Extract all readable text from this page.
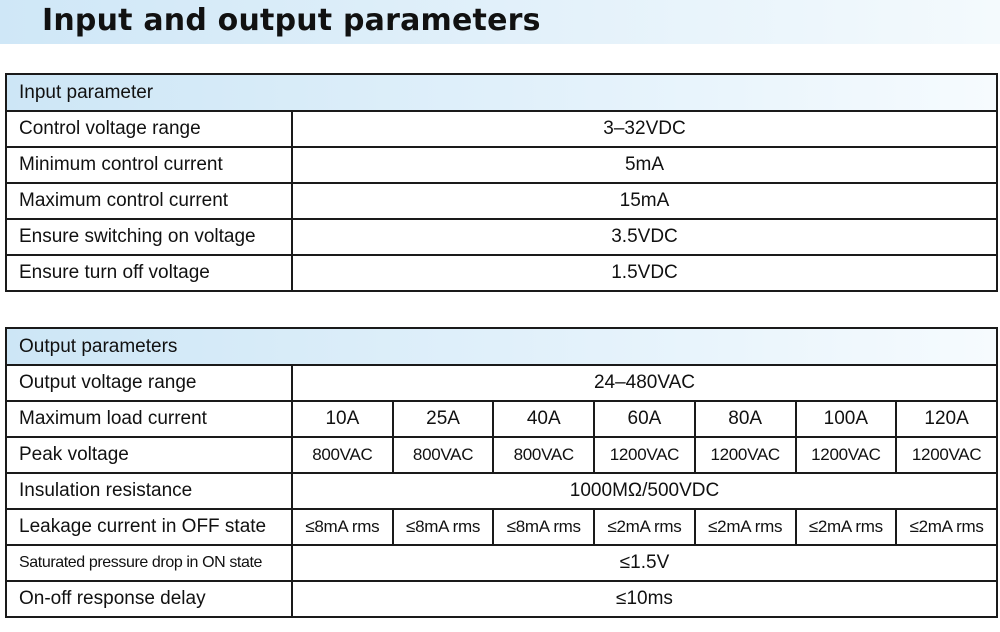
Input and output parameters
Input parameter	
Control voltage range	3–32VDC
Minimum control current	5mA
Maximum control current	15mA
Ensure switching on voltage	3.5VDC
Ensure turn off voltage	1.5VDC
Output parameters							
Output voltage range	24–480VAC						
Maximum load current	10A	25A	40A	60A	80A	100A	120A
Peak voltage	800VAC	800VAC	800VAC	1200VAC	1200VAC	1200VAC	1200VAC
Insulation resistance	1000MΩ/500VDC						
Leakage current in OFF state	≤8mA rms	≤8mA rms	≤8mA rms	≤2mA rms	≤2mA rms	≤2mA rms	≤2mA rms
Saturated pressure drop in ON state	≤1.5V						
On-off response delay	≤10ms						
